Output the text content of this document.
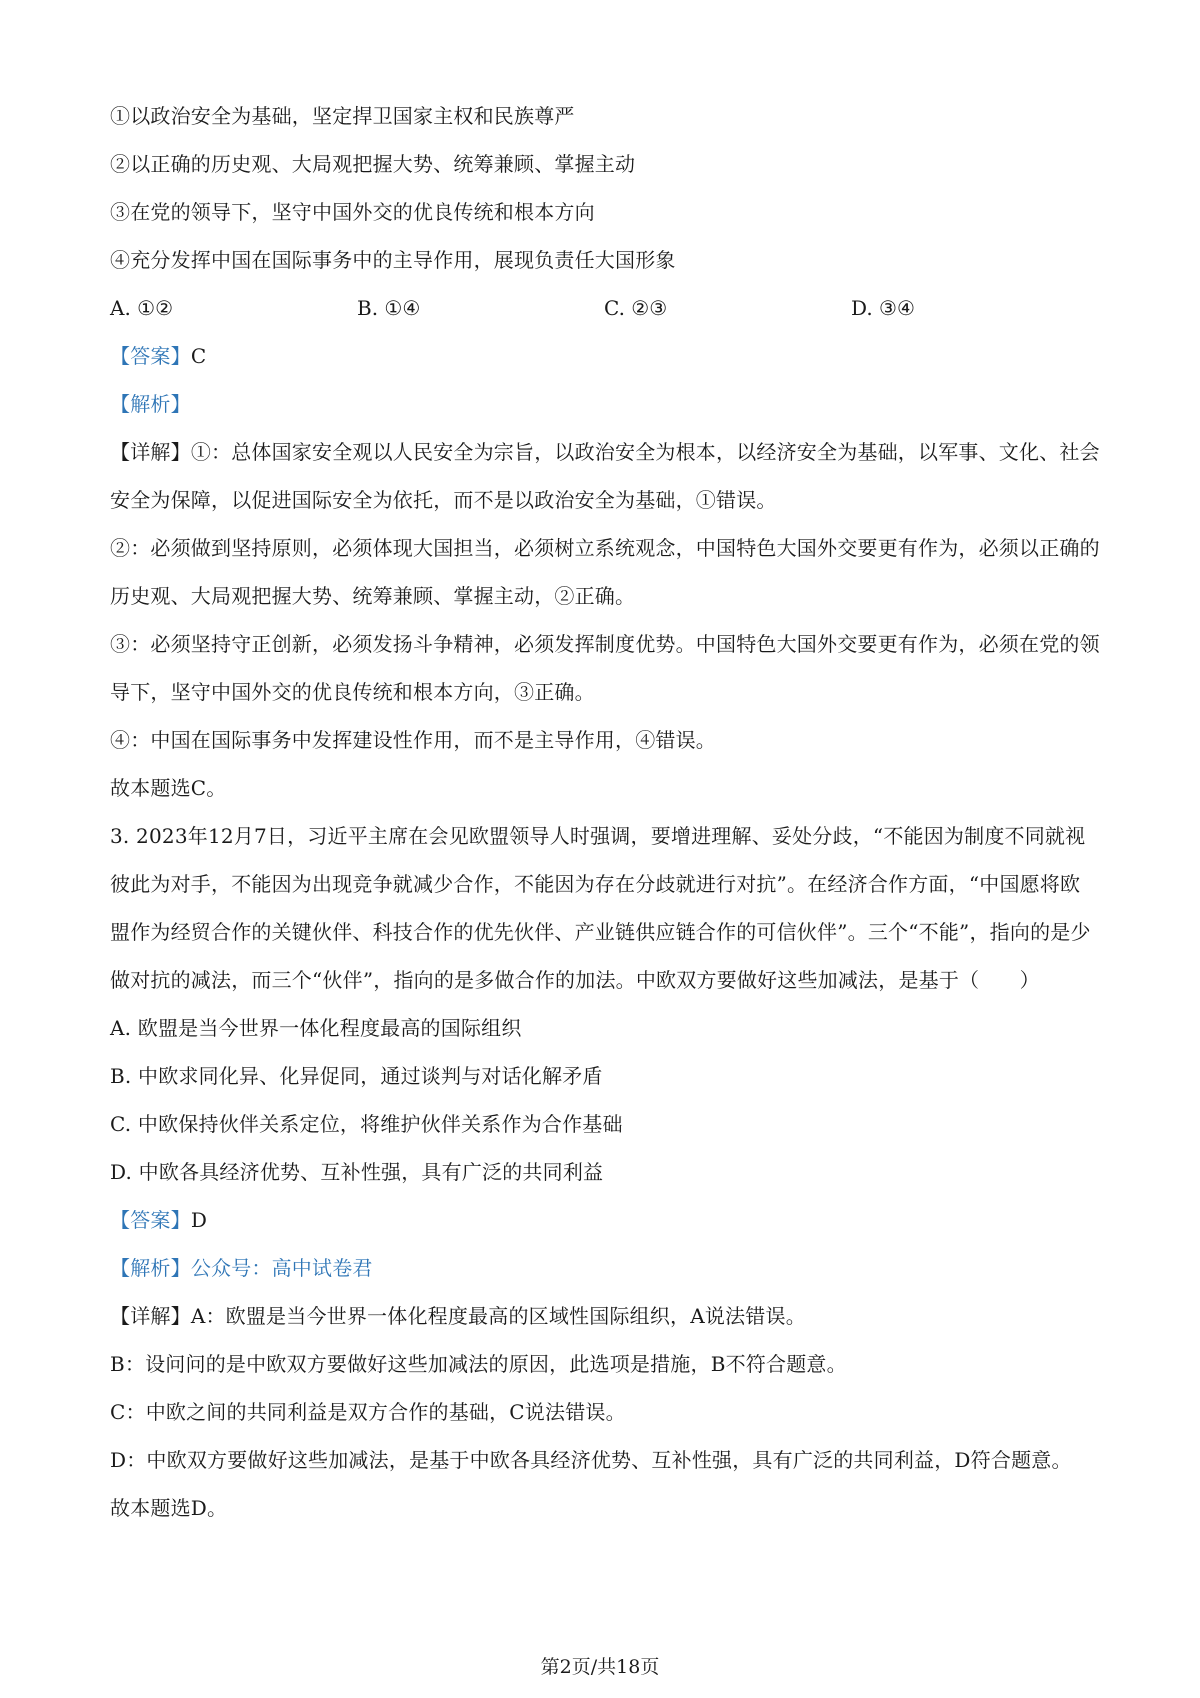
①以政治安全为基础，坚定捍卫国家主权和民族尊严
②以正确的历史观、大局观把握大势、统筹兼顾、掌握主动
③在党的领导下，坚守中国外交的优良传统和根本方向
④充分发挥中国在国际事务中的主导作用，展现负责任大国形象
A. ①②	B. ①④	C. ②③	D. ③④
【答案】C
【解析】
【详解】①：总体国家安全观以人民安全为宗旨，以政治安全为根本，以经济安全为基础，以军事、文化、社会安全为保障，以促进国际安全为依托，而不是以政治安全为基础，①错误。
②：必须做到坚持原则，必须体现大国担当，必须树立系统观念，中国特色大国外交要更有作为，必须以正确的历史观、大局观把握大势、统筹兼顾、掌握主动，②正确。
③：必须坚持守正创新，必须发扬斗争精神，必须发挥制度优势。中国特色大国外交要更有作为，必须在党的领导下，坚守中国外交的优良传统和根本方向，③正确。
④：中国在国际事务中发挥建设性作用，而不是主导作用，④错误。
故本题选C。
3. 2023年12月7日，习近平主席在会见欧盟领导人时强调，要增进理解、妥处分歧，“不能因为制度不同就视彼此为对手，不能因为出现竞争就减少合作，不能因为存在分歧就进行对抗”。在经济合作方面，“中国愿将欧盟作为经贸合作的关键伙伴、科技合作的优先伙伴、产业链供应链合作的可信伙伴”。三个“不能”，指向的是少做对抗的减法，而三个“伙伴”，指向的是多做合作的加法。中欧双方要做好这些加减法，是基于（　　）
A. 欧盟是当今世界一体化程度最高的国际组织
B. 中欧求同化异、化异促同，通过谈判与对话化解矛盾
C. 中欧保持伙伴关系定位，将维护伙伴关系作为合作基础
D. 中欧各具经济优势、互补性强，具有广泛的共同利益
【答案】D
【解析】公众号：高中试卷君
【详解】A：欧盟是当今世界一体化程度最高的区域性国际组织，A说法错误。
B：设问问的是中欧双方要做好这些加减法的原因，此选项是措施，B不符合题意。
C：中欧之间的共同利益是双方合作的基础，C说法错误。
D：中欧双方要做好这些加减法，是基于中欧各具经济优势、互补性强，具有广泛的共同利益，D符合题意。
故本题选D。
第2页/共18页
